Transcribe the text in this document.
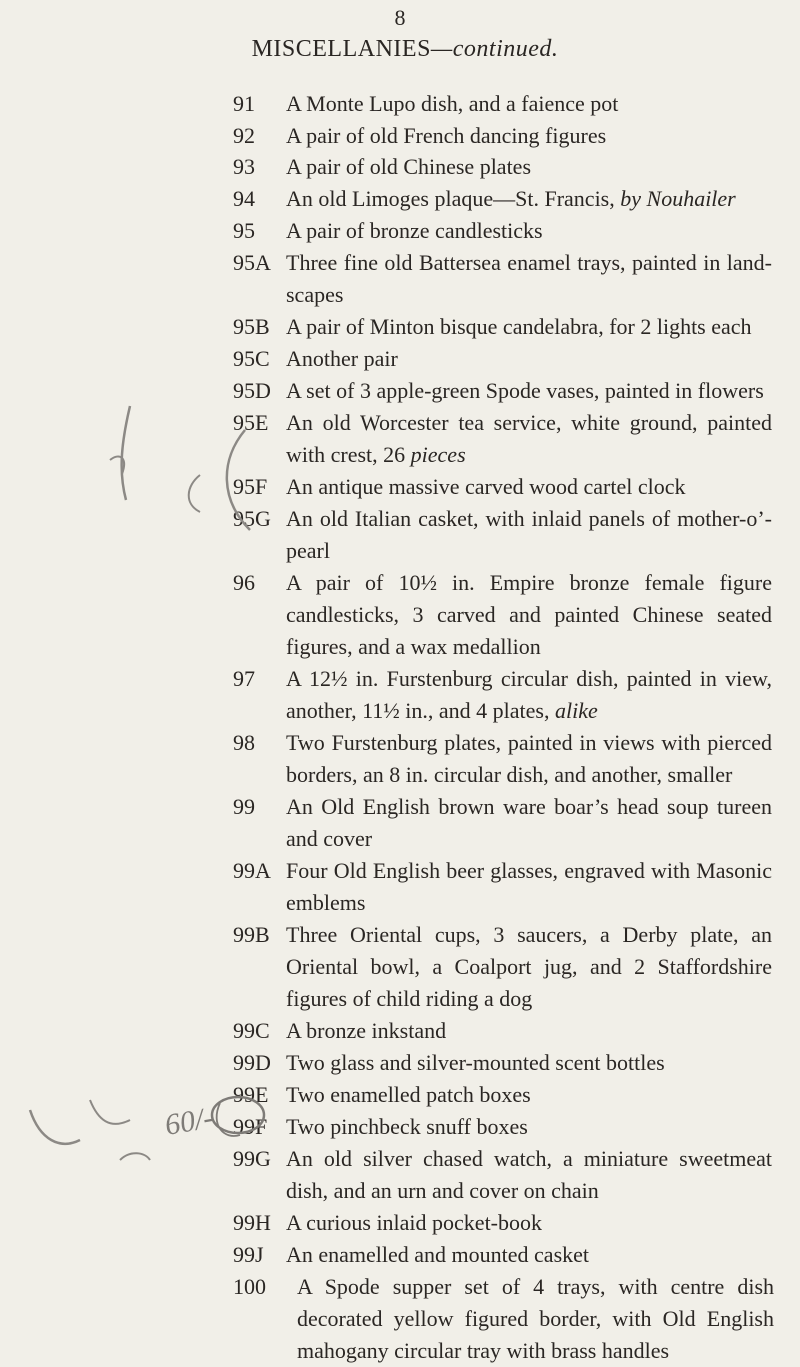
8
MISCELLANIES—continued.
91 A Monte Lupo dish, and a faience pot
92 A pair of old French dancing figures
93 A pair of old Chinese plates
94 An old Limoges plaque—St. Francis, by Nouhailer
95 A pair of bronze candlesticks
95A Three fine old Battersea enamel trays, painted in land-scapes
95B A pair of Minton bisque candelabra, for 2 lights each
95C Another pair
95D A set of 3 apple-green Spode vases, painted in flowers
95E An old Worcester tea service, white ground, painted with crest, 26 pieces
95F An antique massive carved wood cartel clock
95G An old Italian casket, with inlaid panels of mother-o’-pearl
96 A pair of 10½ in. Empire bronze female figure candlesticks, 3 carved and painted Chinese seated figures, and a wax medallion
97 A 12½ in. Furstenburg circular dish, painted in view, another, 11½ in., and 4 plates, alike
98 Two Furstenburg plates, painted in views with pierced borders, an 8 in. circular dish, and another, smaller
99 An Old English brown ware boar’s head soup tureen and cover
99A Four Old English beer glasses, engraved with Masonic emblems
99B Three Oriental cups, 3 saucers, a Derby plate, an Oriental bowl, a Coalport jug, and 2 Staffordshire figures of child riding a dog
99C A bronze inkstand
99D Two glass and silver-mounted scent bottles
99E Two enamelled patch boxes
99F Two pinchbeck snuff boxes
99G An old silver chased watch, a miniature sweetmeat dish, and an urn and cover on chain
99H A curious inlaid pocket-book
99J An enamelled and mounted casket
100 A Spode supper set of 4 trays, with centre dish decorated yellow figured border, with Old English mahogany circular tray with brass handles
60/-
